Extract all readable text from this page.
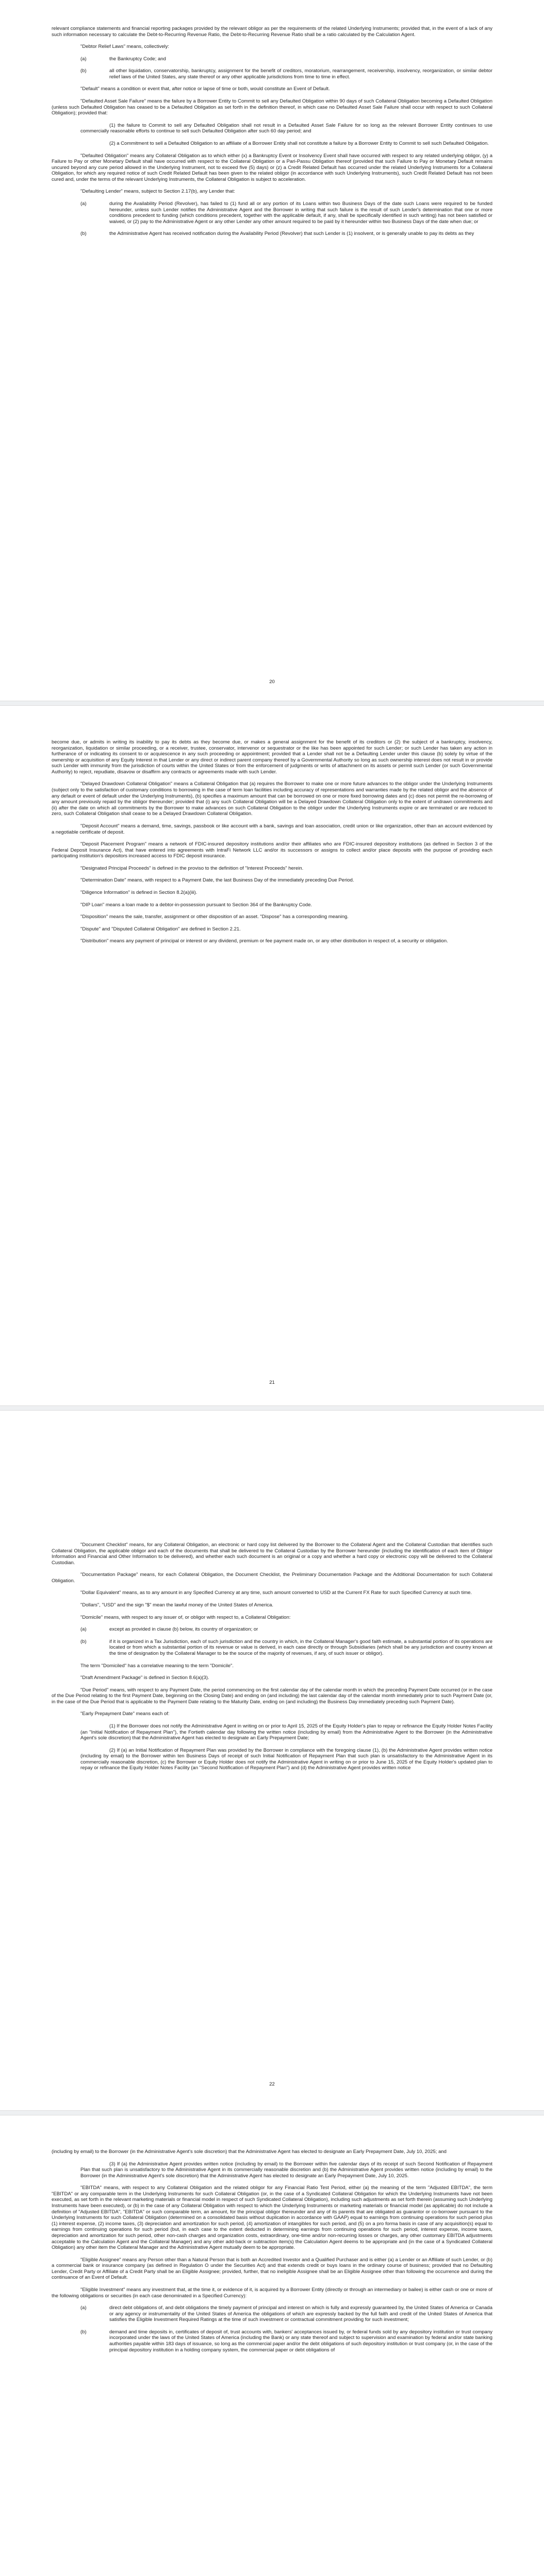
relevant compliance statements and financial reporting packages provided by the relevant obligor as per the requirements of the related Underlying Instruments; provided that, in the event of a lack of any such information necessary to calculate the Debt-to-Recurring Revenue Ratio, the Debt-to-Recurring Revenue Ratio shall be a ratio calculated by the Calculation Agent.

"Debtor Relief Laws" means, collectively:

(a)	the Bankruptcy Code; and
(b)	all other liquidation, conservatorship, bankruptcy, assignment for the benefit of creditors, moratorium, rearrangement, receivership, insolvency, reorganization, or similar debtor relief laws of the United States, any state thereof or any other applicable jurisdictions from time to time in effect.

"Default" means a condition or event that, after notice or lapse of time or both, would constitute an Event of Default.

"Defaulted Asset Sale Failure" means the failure by a Borrower Entity to Commit to sell any Defaulted Obligation within 90 days of such Collateral Obligation becoming a Defaulted Obligation (unless such Defaulted Obligation has ceased to be a Defaulted Obligation as set forth in the definition thereof, in which case no Defaulted Asset Sale Failure shall occur with respect to such Collateral Obligation); provided that:

(1) the failure to Commit to sell any Defaulted Obligation shall not result in a Defaulted Asset Sale Failure for so long as the relevant Borrower Entity continues to use commercially reasonable efforts to continue to sell such Defaulted Obligation after such 60 day period; and

(2) a Commitment to sell a Defaulted Obligation to an affiliate of a Borrower Entity shall not constitute a failure by a Borrower Entity to Commit to sell such Defaulted Obligation.

"Defaulted Obligation" means any Collateral Obligation as to which either (x) a Bankruptcy Event or Insolvency Event shall have occurred with respect to any related underlying obligor, (y) a Failure to Pay or other Monetary Default shall have occurred with respect to the Collateral Obligation or a Pari-Passu Obligation thereof (provided that such Failure to Pay or Monetary Default remains uncured beyond any cure period allowed in the Underlying Instrument, not to exceed five (5) days) or (z) a Credit Related Default has occurred under the related Underlying Instruments for a Collateral Obligation, for which any required notice of such Credit Related Default has been given to the related obligor (in accordance with such Underlying Instruments), such Credit Related Default has not been cured and, under the terms of the relevant Underlying Instruments, the Collateral Obligation is subject to acceleration.

"Defaulting Lender" means, subject to Section 2.17(b), any Lender that:

(a)	during the Availability Period (Revolver), has failed to (1) fund all or any portion of its Loans within two Business Days of the date such Loans were required to be funded hereunder, unless such Lender notifies the Administrative Agent and the Borrower in writing that such failure is the result of such Lender's determination that one or more conditions precedent to funding (which conditions precedent, together with the applicable default, if any, shall be specifically identified in such writing) has not been satisfied or waived, or (2) pay to the Administrative Agent or any other Lender any other amount required to be paid by it hereunder within two Business Days of the date when due; or
(b)	the Administrative Agent has received notification during the Availability Period (Revolver) that such Lender is (1) insolvent, or is generally unable to pay its debts as they
20

become due, or admits in writing its inability to pay its debts as they become due, or makes a general assignment for the benefit of its creditors or (2) the subject of a bankruptcy, insolvency, reorganization, liquidation or similar proceeding, or a receiver, trustee, conservator, intervenor or sequestrator or the like has been appointed for such Lender; or such Lender has taken any action in furtherance of or indicating its consent to or acquiescence in any such proceeding or appointment; provided that a Lender shall not be a Defaulting Lender under this clause (b) solely by virtue of the ownership or acquisition of any Equity Interest in that Lender or any direct or indirect parent company thereof by a Governmental Authority so long as such ownership interest does not result in or provide such Lender with immunity from the jurisdiction of courts within the United States or from the enforcement of judgments or writs of attachment on its assets or permit such Lender (or such Governmental Authority) to reject, repudiate, disavow or disaffirm any contracts or agreements made with such Lender.

"Delayed Drawdown Collateral Obligation" means a Collateral Obligation that (a) requires the Borrower to make one or more future advances to the obligor under the Underlying Instruments (subject only to the satisfaction of customary conditions to borrowing in the case of term loan facilities including accuracy of representations and warranties made by the related obligor and the absence of any default or event of default under the Underlying Instruments), (b) specifies a maximum amount that can be borrowed on one or more fixed borrowing dates and (c) does not permit the re-borrowing of any amount previously repaid by the obligor thereunder; provided that (i) any such Collateral Obligation will be a Delayed Drawdown Collateral Obligation only to the extent of undrawn commitments and (ii) after the date on which all commitments by the Borrower to make advances on such Collateral Obligation to the obligor under the Underlying Instruments expire or are terminated or are reduced to zero, such Collateral Obligation shall cease to be a Delayed Drawdown Collateral Obligation.

"Deposit Account" means a demand, time, savings, passbook or like account with a bank, savings and loan association, credit union or like organization, other than an account evidenced by a negotiable certificate of deposit.

"Deposit Placement Program" means a network of FDIC-insured depository institutions and/or their affiliates who are FDIC-insured depository institutions (as defined in Section 3 of the Federal Deposit Insurance Act), that have entered into agreements with IntraFi Network LLC and/or its successors or assigns to collect and/or place deposits with the purpose of providing each participating institution's depositors increased access to FDIC deposit insurance.

"Designated Principal Proceeds" is defined in the proviso to the definition of "Interest Proceeds" herein.

"Determination Date" means, with respect to a Payment Date, the last Business Day of the immediately preceding Due Period.

"Diligence Information" is defined in Section 8.2(a)(iii).

"DIP Loan" means a loan made to a debtor-in-possession pursuant to Section 364 of the Bankruptcy Code.

"Disposition" means the sale, transfer, assignment or other disposition of an asset. "Dispose" has a corresponding meaning.

"Dispute" and "Disputed Collateral Obligation" are defined in Section 2.21.

"Distribution" means any payment of principal or interest or any dividend, premium or fee payment made on, or any other distribution in respect of, a security or obligation.

21

"Document Checklist" means, for any Collateral Obligation, an electronic or hard copy list delivered by the Borrower to the Collateral Agent and the Collateral Custodian that identifies such Collateral Obligation, the applicable obligor and each of the documents that shall be delivered to the Collateral Custodian by the Borrower hereunder (including the identification of each item of Obligor Information and Financial and Other Information to be delivered), and whether each such document is an original or a copy and whether a hard copy or electronic copy will be delivered to the Collateral Custodian.

"Documentation Package" means, for each Collateral Obligation, the Document Checklist, the Preliminary Documentation Package and the Additional Documentation for such Collateral Obligation.

"Dollar Equivalent" means, as to any amount in any Specified Currency at any time, such amount converted to USD at the Current FX Rate for such Specified Currency at such time.

"Dollars", "USD" and the sign "$" mean the lawful money of the United States of America.

"Domicile" means, with respect to any issuer of, or obligor with respect to, a Collateral Obligation:

(a)	except as provided in clause (b) below, its country of organization; or
(b)	if it is organized in a Tax Jurisdiction, each of such jurisdiction and the country in which, in the Collateral Manager's good faith estimate, a substantial portion of its operations are located or from which a substantial portion of its revenue or value is derived, in each case directly or through Subsidiaries (which shall be any jurisdiction and country known at the time of designation by the Collateral Manager to be the source of the majority of revenues, if any, of such issuer or obligor).

The term "Domiciled" has a correlative meaning to the term "Domicile".

"Draft Amendment Package" is defined in Section 8.6(a)(3).

"Due Period" means, with respect to any Payment Date, the period commencing on the first calendar day of the calendar month in which the preceding Payment Date occurred (or in the case of the Due Period relating to the first Payment Date, beginning on the Closing Date) and ending on (and including) the last calendar day of the calendar month immediately prior to such Payment Date (or, in the case of the Due Period that is applicable to the Payment Date relating to the Maturity Date, ending on (and including) the Business Day immediately preceding such Payment Date).

"Early Prepayment Date" means each of:

(1) If the Borrower does not notify the Administrative Agent in writing on or prior to April 15, 2025 of the Equity Holder's plan to repay or refinance the Equity Holder Notes Facility (an "Initial Notification of Repayment Plan"), the Fortieth calendar day following the written notice (including by email) from the Administrative Agent to the Borrower (in the Administrative Agent's sole discretion) that the Administrative Agent has elected to designate an Early Prepayment Date;

(2) If (a) an Initial Notification of Repayment Plan was provided by the Borrower in compliance with the foregoing clause (1), (b) the Administrative Agent provides written notice (including by email) to the Borrower within ten Business Days of receipt of such Initial Notification of Repayment Plan that such plan is unsatisfactory to the Administrative Agent in its commercially reasonable discretion, (c) the Borrower or Equity Holder does not notify the Administrative Agent in writing on or prior to June 15, 2025 of the Equity Holder's updated plan to repay or refinance the Equity Holder Notes Facility (an "Second Notification of Repayment Plan") and (d) the Administrative Agent provides written notice

22

(including by email) to the Borrower (in the Administrative Agent's sole discretion) that the Administrative Agent has elected to designate an Early Prepayment Date, July 10, 2025; and

(3) If (a) the Administrative Agent provides written notice (including by email) to the Borrower within five calendar days of its receipt of such Second Notification of Repayment Plan that such plan is unsatisfactory to the Administrative Agent in its commercially reasonable discretion and (b) the Administrative Agent provides written notice (including by email) to the Borrower (in the Administrative Agent's sole discretion) that the Administrative Agent has elected to designate an Early Prepayment Date, July 10, 2025.

"EBITDA" means, with respect to any Collateral Obligation and the related obligor for any Financial Ratio Test Period, either (a) the meaning of the term "Adjusted EBITDA", the term "EBITDA" or any comparable term in the Underlying Instruments for such Collateral Obligation (or, in the case of a Syndicated Collateral Obligation for which the Underlying Instruments have not been executed, as set forth in the relevant marketing materials or financial model in respect of such Syndicated Collateral Obligation), including such adjustments as set forth therein (assuming such Underlying Instruments have been executed), or (b) in the case of any Collateral Obligation with respect to which the Underlying Instruments or marketing materials or financial model (as applicable) do not include a definition of "Adjusted EBITDA", "EBITDA" or such comparable term, an amount, for the principal obligor thereunder and any of its parents that are obligated as guarantor or co-borrower pursuant to the Underlying Instruments for such Collateral Obligation (determined on a consolidated basis without duplication in accordance with GAAP) equal to earnings from continuing operations for such period plus (1) interest expense, (2) income taxes, (3) depreciation and amortization for such period, (4) amortization of intangibles for such period, and (5) on a pro forma basis in case of any acquisition(s) equal to earnings from continuing operations for such period (but, in each case to the extent deducted in determining earnings from continuing operations for such period, interest expense, income taxes, depreciation and amortization for such period, other non-cash charges and organization costs, extraordinary, one-time and/or non-recurring losses or charges, any other customary EBITDA adjustments acceptable to the Calculation Agent and the Collateral Manager) and any other add-back or subtraction item(s) the Calculation Agent deems to be appropriate and (in the case of a Syndicated Collateral Obligation) any other item the Collateral Manager and the Administrative Agent mutually deem to be appropriate.

"Eligible Assignee" means any Person other than a Natural Person that is both an Accredited Investor and a Qualified Purchaser and is either (a) a Lender or an Affiliate of such Lender, or (b) a commercial bank or insurance company (as defined in Regulation O under the Securities Act) and that extends credit or buys loans in the ordinary course of business; provided that no Defaulting Lender, Credit Party or Affiliate of a Credit Party shall be an Eligible Assignee; provided, further, that no ineligible Assignee shall be an Eligible Assignee other than following the occurrence and during the continuance of an Event of Default.

"Eligible Investment" means any investment that, at the time it, or evidence of it, is acquired by a Borrower Entity (directly or through an intermediary or bailee) is either cash or one or more of the following obligations or securities (in each case denominated in a Specified Currency):

(a)	direct debt obligations of, and debt obligations the timely payment of principal and interest on which is fully and expressly guaranteed by, the United States of America or Canada or any agency or instrumentality of the United States of America the obligations of which are expressly backed by the full faith and credit of the United States of America that satisfies the Eligible Investment Required Ratings at the time of such investment or contractual commitment providing for such investment;
(b)	demand and time deposits in, certificates of deposit of, trust accounts with, bankers' acceptances issued by, or federal funds sold by any depository institution or trust company incorporated under the laws of the United States of America (including the Bank) or any state thereof and subject to supervision and examination by federal and/or state banking authorities payable within 183 days of issuance, so long as the commercial paper and/or the debt obligations of such depository institution or trust company (or, in the case of the principal depository institution in a holding company system, the commercial paper or debt obligations of
